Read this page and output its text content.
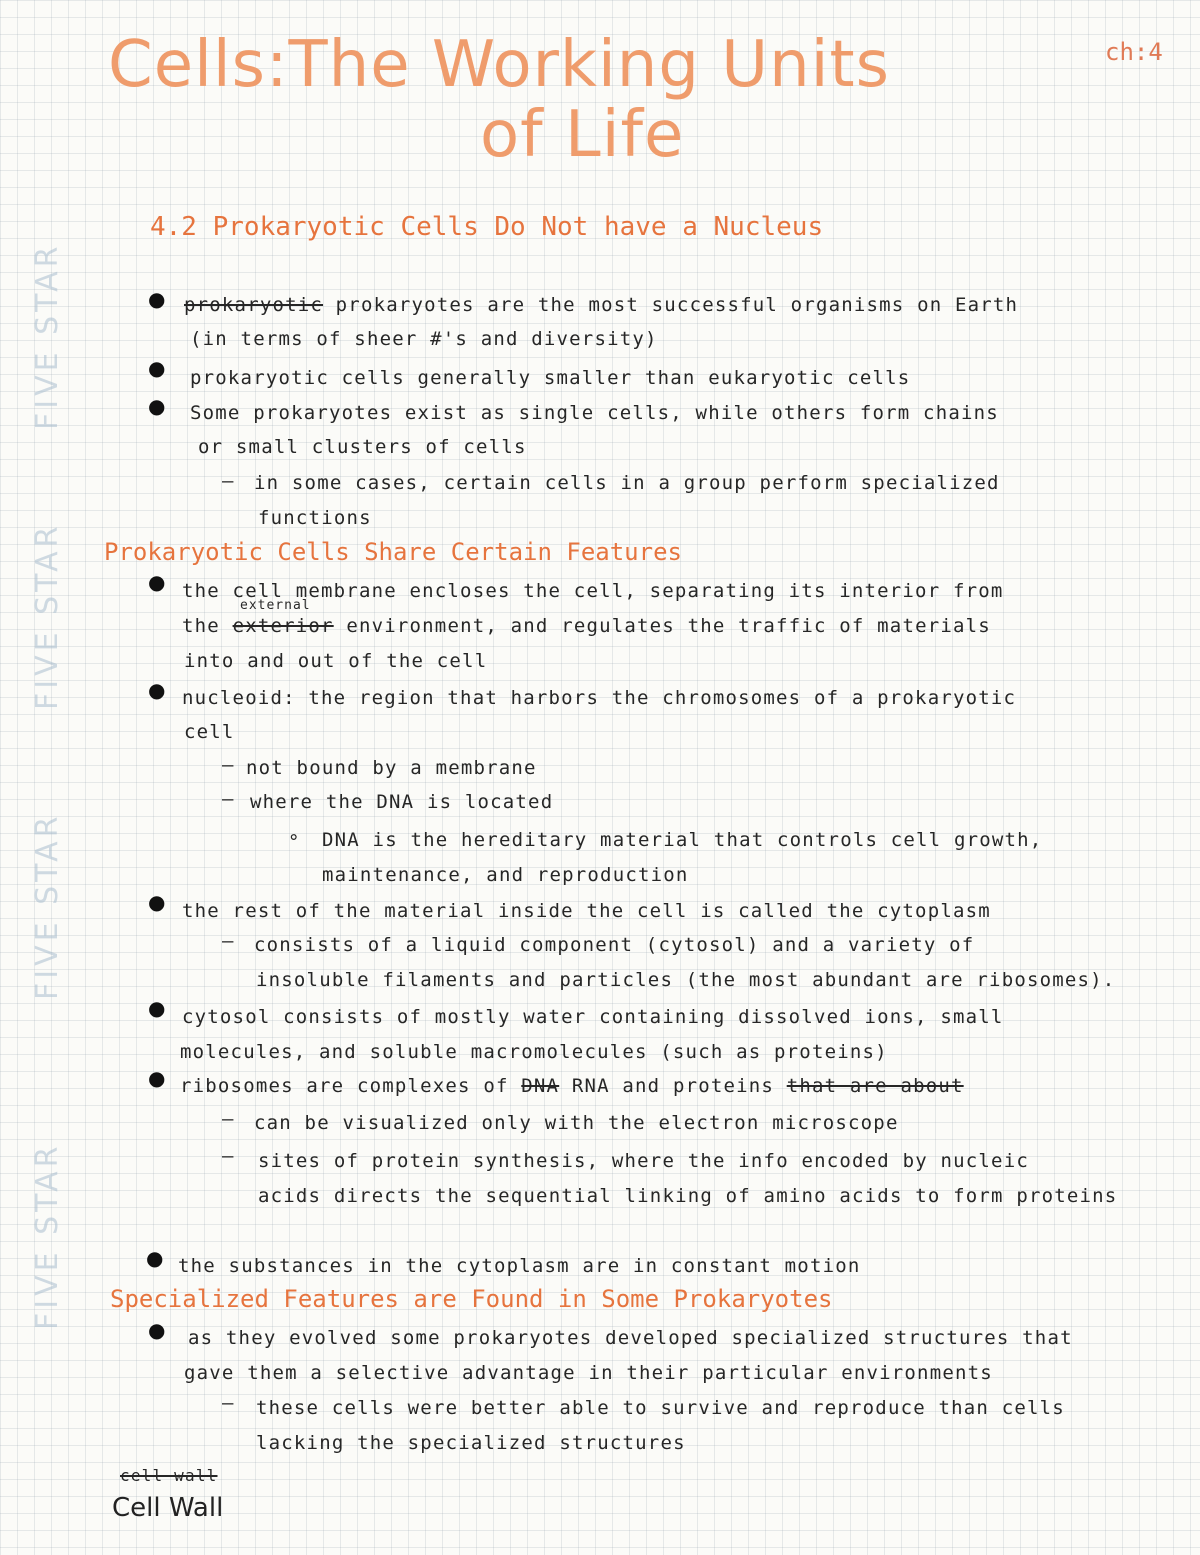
FIVE STAR
FIVE STAR
FIVE STAR
FIVE STAR
Cells:The Working Units
of Life
ch:4
4.2 Prokaryotic Cells Do Not have a Nucleus
● prokaryotic prokaryotes are the most successful organisms on Earth
(in terms of sheer #'s and diversity)
● prokaryotic cells generally smaller than eukaryotic cells
● Some prokaryotes exist as single cells, while others form chains
or small clusters of cells
– in some cases, certain cells in a group perform specialized
functions
Prokaryotic Cells Share Certain Features
● the cell membrane encloses the cell, separating its interior from
external
the exterior environment, and regulates the traffic of materials
into and out of the cell
● nucleoid: the region that harbors the chromosomes of a prokaryotic
cell
– not bound by a membrane
– where the DNA is located
∘ DNA is the hereditary material that controls cell growth,
maintenance, and reproduction
● the rest of the material inside the cell is called the cytoplasm
– consists of a liquid component (cytosol) and a variety of
insoluble filaments and particles (the most abundant are ribosomes).
● cytosol consists of mostly water containing dissolved ions, small
molecules, and soluble macromolecules (such as proteins)
● ribosomes are complexes of DNA RNA and proteins that are about
– can be visualized only with the electron microscope
– sites of protein synthesis, where the info encoded by nucleic
acids directs the sequential linking of amino acids to form proteins
● the substances in the cytoplasm are in constant motion
Specialized Features are Found in Some Prokaryotes
● as they evolved some prokaryotes developed specialized structures that
gave them a selective advantage in their particular environments
– these cells were better able to survive and reproduce than cells
lacking the specialized structures
cell wall
Cell Wall
